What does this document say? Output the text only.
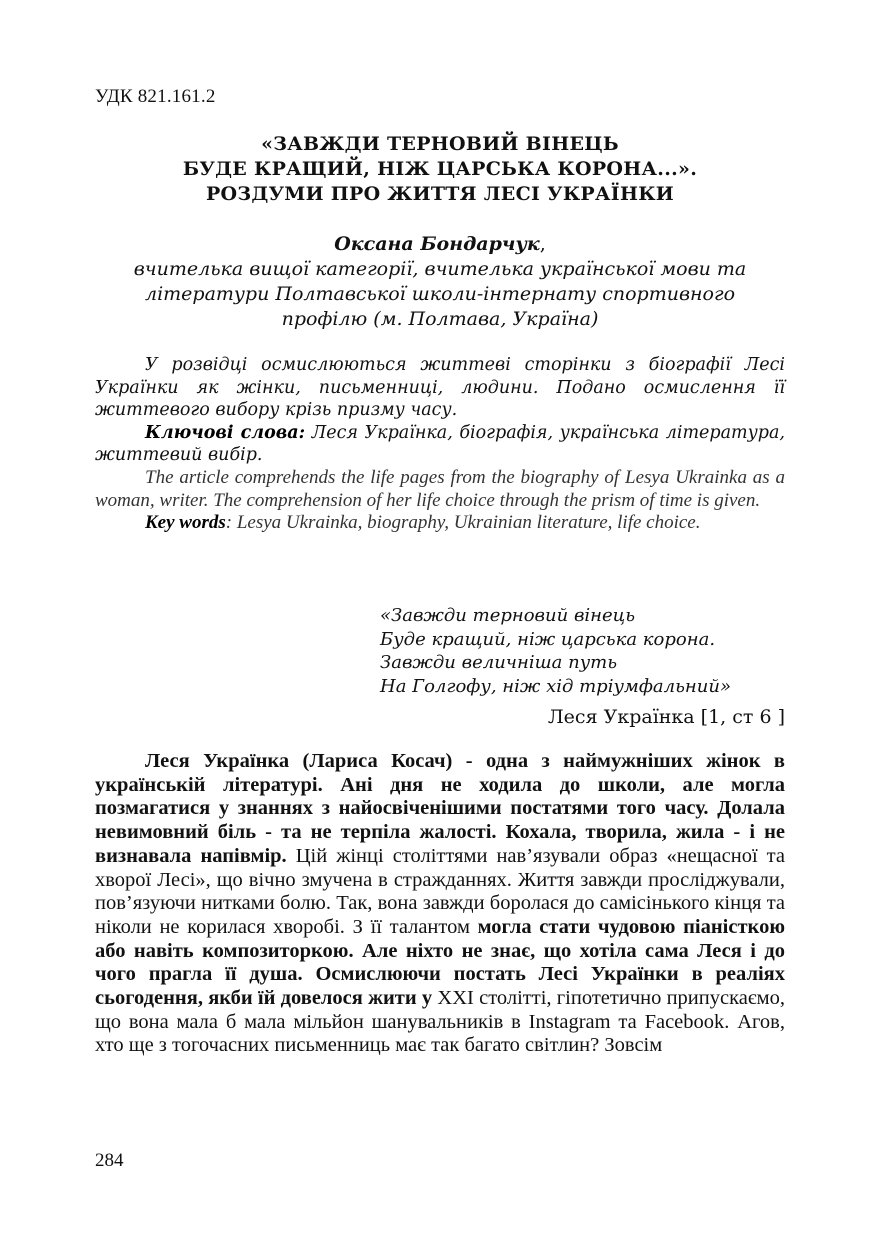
УДК 821.161.2
«ЗАВЖДИ ТЕРНОВИЙ ВІНЕЦЬ
БУДЕ КРАЩИЙ, НІЖ ЦАРСЬКА КОРОНА...».
РОЗДУМИ ПРО ЖИТТЯ ЛЕСІ УКРАЇНКИ
Оксана Бондарчук,
вчителька вищої категорії, вчителька української мови та
літератури Полтавської школи-інтернату спортивного
профілю (м. Полтава, Україна)

У розвідці осмислюються життеві сторінки з біографії Лесі Українки як жінки, письменниці, людини. Подано осмислення її життевого вибору крізь призму часу.

Ключові слова: Леся Українка, біографія, українська література, життевий вибір.

The article comprehends the life pages from the biography of Lesya Ukrainka as a woman, writer. The comprehension of her life choice through the prism of time is given.

Key words: Lesya Ukrainka, biography, Ukrainian literature, life choice.

«Завжди терновий вінець
Буде кращий, ніж царська корона.
Завжди величніша путь
На Голгофу, ніж хід тріумфальний»
Леся Українка [1, ст 6 ]

Леся Українка (Лариса Косач) - одна з наймужніших жінок в українській літературі. Ані дня не ходила до школи, але могла позмагатися у знаннях з найосвіченішими постатями того часу. Долала невимовний біль - та не терпіла жалості. Кохала, творила, жила - і не визнавала напівмір. Цій жінці століттями нав’язували образ «нещасної та хворої Лесі», що вічно змучена в стражданнях. Життя завжди прослiджували, пов’язуючи нитками болю. Так, вона завжди боролася до самісінького кінця та ніколи не корилася хворобі. З її талантом могла стати чудовою піаністкою або навіть композиторкою. Але ніхто не знає, що хотіла сама Леся і до чого прагла її душа. Осмислюючи постать Лесі Українки в реаліях сьогодення, якби їй довелося жити у XXI століттi, гіпотетично припускаємо, що вона мала б мала мільйон шанувальників в Instagram та Facebook. Агов, хто ще з тогочасних письменниць має так багато світлин? Зовсім

284
